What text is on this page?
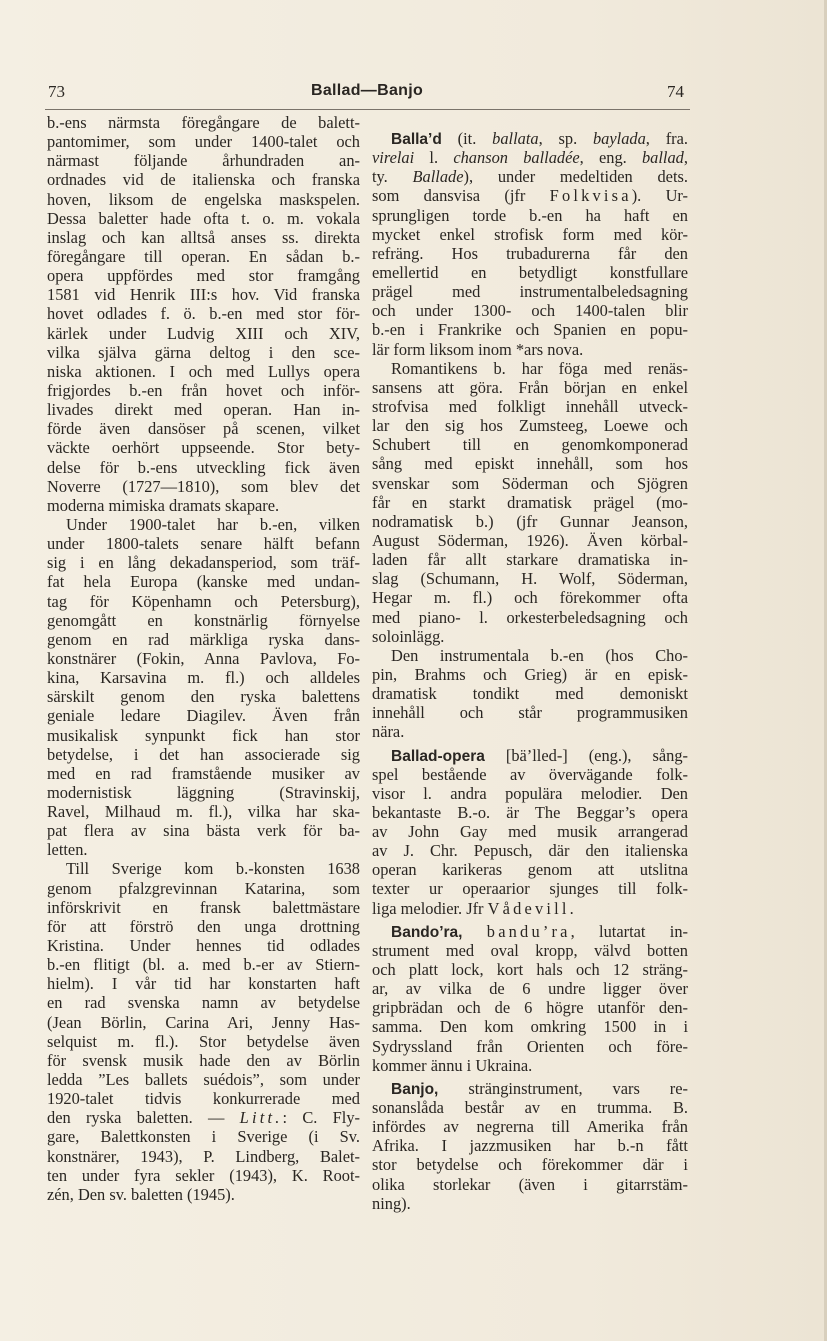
73	Ballad—Banjo	74
b.-ens närmsta föregångare de balett-
pantomimer, som under 1400-talet och
närmast följande århundraden an-
ordnades vid de italienska och franska
hoven, liksom de engelska maskspelen.
Dessa baletter hade ofta t. o. m. vokala
inslag och kan alltså anses ss. direkta
föregångare till operan. En sådan b.-
opera uppfördes med stor framgång
1581 vid Henrik III:s hov. Vid franska
hovet odlades f. ö. b.-en med stor för-
kärlek under Ludvig XIII och XIV,
vilka själva gärna deltog i den sce-
niska aktionen. I och med Lullys opera
frigjordes b.-en från hovet och inför-
livades direkt med operan. Han in-
förde även dansöser på scenen, vilket
väckte oerhört uppseende. Stor bety-
delse för b.-ens utveckling fick även
Noverre (1727—1810), som blev det
moderna mimiska dramats skapare.
Under 1900-talet har b.-en, vilken
under 1800-talets senare hälft befann
sig i en lång dekadansperiod, som träf-
fat hela Europa (kanske med undan-
tag för Köpenhamn och Petersburg),
genomgått en konstnärlig förnyelse
genom en rad märkliga ryska dans-
konstnärer (Fokin, Anna Pavlova, Fo-
kina, Karsavina m. fl.) och alldeles
särskilt genom den ryska balettens
geniale ledare Diagilev. Även från
musikalisk synpunkt fick han stor
betydelse, i det han associerade sig
med en rad framstående musiker av
modernistisk läggning (Stravinskij,
Ravel, Milhaud m. fl.), vilka har ska-
pat flera av sina bästa verk för ba-
letten.
Till Sverige kom b.-konsten 1638
genom pfalzgrevinnan Katarina, som
införskrivit en fransk balettmästare
för att förströ den unga drottning
Kristina. Under hennes tid odlades
b.-en flitigt (bl. a. med b.-er av Stiern-
hielm). I vår tid har konstarten haft
en rad svenska namn av betydelse
(Jean Börlin, Carina Ari, Jenny Has-
selquist m. fl.). Stor betydelse även
för svensk musik hade den av Börlin
ledda ”Les ballets suédois”, som under
1920-talet tidvis konkurrerade med
den ryska baletten. — Litt.: C. Fly-
gare, Balettkonsten i Sverige (i Sv.
konstnärer, 1943), P. Lindberg, Balet-
ten under fyra sekler (1943), K. Root-
zén, Den sv. baletten (1945).
Balla’d (it. ballata, sp. baylada, fra.
virelai l. chanson balladée, eng. ballad,
ty. Ballade), under medeltiden dets.
som dansvisa (jfr Folkvisa). Ur-
sprungligen torde b.-en ha haft en
mycket enkel strofisk form med kör-
refräng. Hos trubadurerna får den
emellertid en betydligt konstfullare
prägel med instrumentalbeledsagning
och under 1300- och 1400-talen blir
b.-en i Frankrike och Spanien en popu-
lär form liksom inom *ars nova.
Romantikens b. har föga med renäs-
sansens att göra. Från början en enkel
strofvisa med folkligt innehåll utveck-
lar den sig hos Zumsteeg, Loewe och
Schubert till en genomkomponerad
sång med episkt innehåll, som hos
svenskar som Söderman och Sjögren
får en starkt dramatisk prägel (mo-
nodramatisk b.) (jfr Gunnar Jeanson,
August Söderman, 1926). Även körbal-
laden får allt starkare dramatiska in-
slag (Schumann, H. Wolf, Söderman,
Hegar m. fl.) och förekommer ofta
med piano- l. orkesterbeledsagning och
soloinlägg.
Den instrumentala b.-en (hos Cho-
pin, Brahms och Grieg) är en episk-
dramatisk tondikt med demoniskt
innehåll och står programmusiken
nära.
Ballad-opera [bä’lled-] (eng.), sång-
spel bestående av övervägande folk-
visor l. andra populära melodier. Den
bekantaste B.-o. är The Beggar’s opera
av John Gay med musik arrangerad
av J. Chr. Pepusch, där den italienska
operan karikeras genom att utslitna
texter ur operaarior sjunges till folk-
liga melodier. Jfr Vådevill.
Bando’ra, bandu’ra, lutartat in-
strument med oval kropp, välvd botten
och platt lock, kort hals och 12 sträng-
ar, av vilka de 6 undre ligger över
gripbrädan och de 6 högre utanför den-
samma. Den kom omkring 1500 in i
Sydryssland från Orienten och före-
kommer ännu i Ukraina.
Banjo, stränginstrument, vars re-
sonanslåda består av en trumma. B.
infördes av negrerna till Amerika från
Afrika. I jazzmusiken har b.-n fått
stor betydelse och förekommer där i
olika storlekar (även i gitarrstäm-
ning).
